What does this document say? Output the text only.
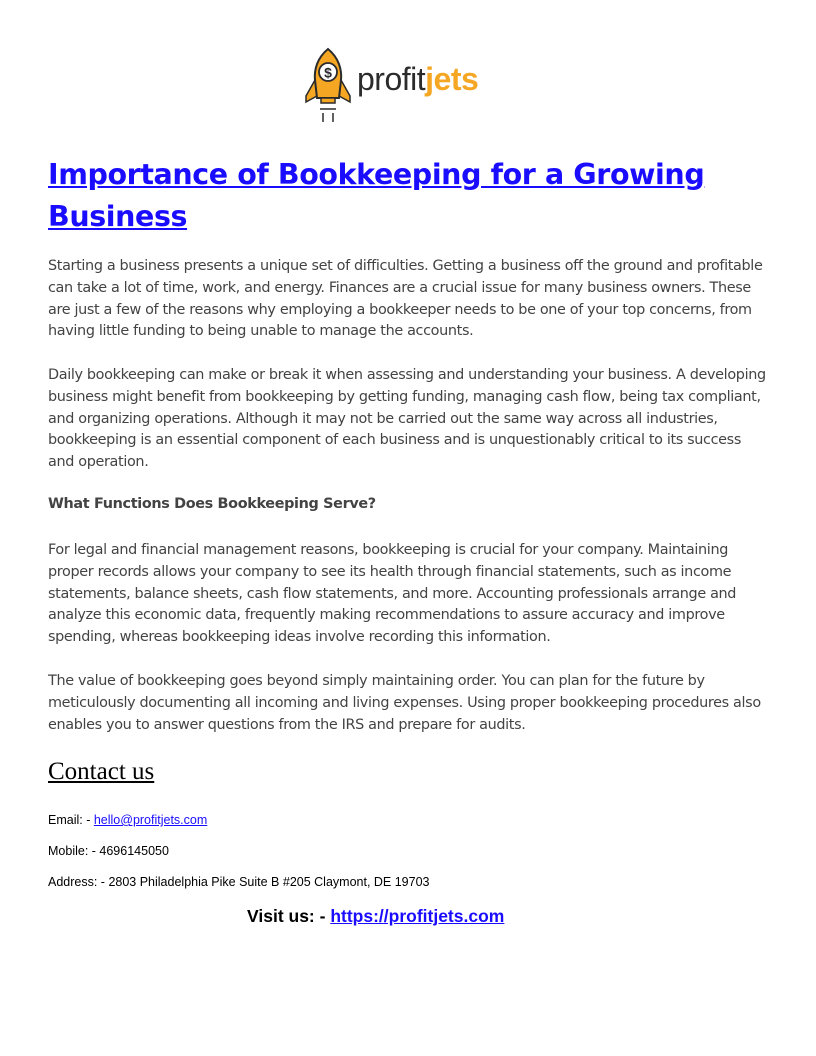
$ profitjets
Importance of Bookkeeping for a Growing Business

Starting a business presents a unique set of difficulties. Getting a business off the ground and profitable can take a lot of time, work, and energy. Finances are a crucial issue for many business owners. These are just a few of the reasons why employing a bookkeeper needs to be one of your top concerns, from having little funding to being unable to manage the accounts.

Daily bookkeeping can make or break it when assessing and understanding your business. A developing business might benefit from bookkeeping by getting funding, managing cash flow, being tax compliant, and organizing operations. Although it may not be carried out the same way across all industries, bookkeeping is an essential component of each business and is unquestionably critical to its success and operation.

What Functions Does Bookkeeping Serve?

For legal and financial management reasons, bookkeeping is crucial for your company. Maintaining proper records allows your company to see its health through financial statements, such as income statements, balance sheets, cash flow statements, and more. Accounting professionals arrange and analyze this economic data, frequently making recommendations to assure accuracy and improve spending, whereas bookkeeping ideas involve recording this information.

The value of bookkeeping goes beyond simply maintaining order. You can plan for the future by meticulously documenting all incoming and living expenses. Using proper bookkeeping procedures also enables you to answer questions from the IRS and prepare for audits.

Contact us

Email: - hello@profitjets.com

Mobile: - 4696145050

Address: - 2803 Philadelphia Pike Suite B #205 Claymont, DE 19703

Visit us: - https://profitjets.com
